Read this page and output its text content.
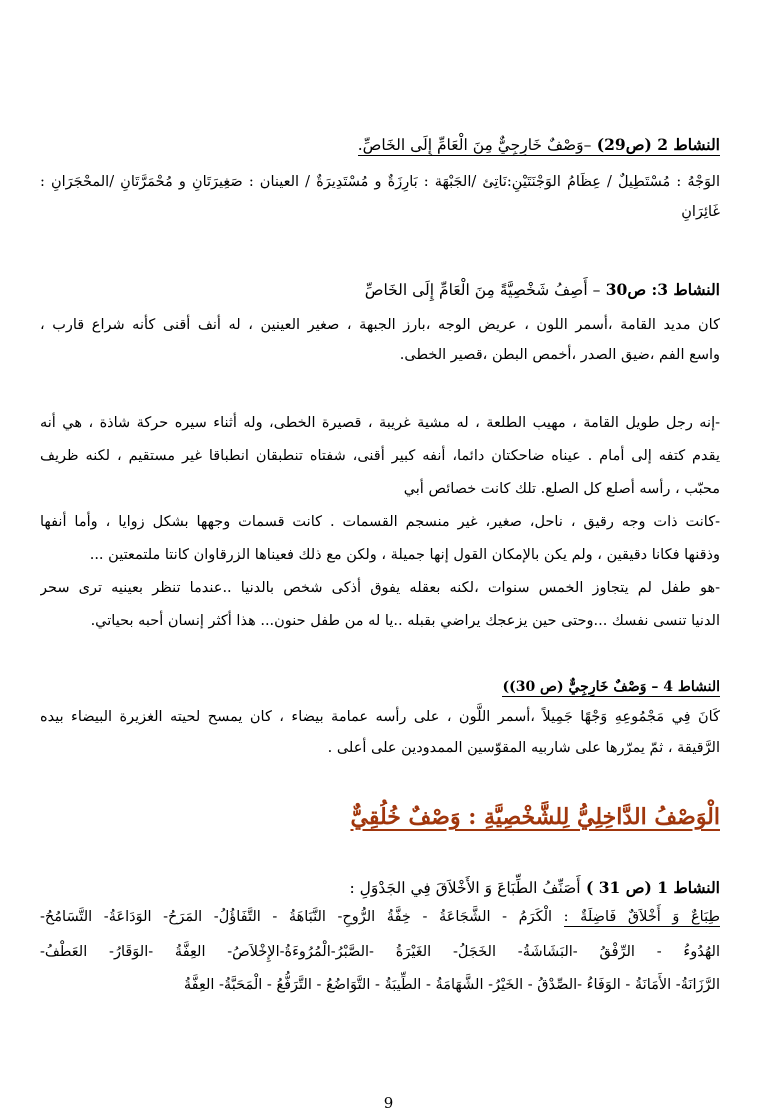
النشاط 2 (ص29) –وَصْفٌ خَارِجِيٌّ مِنَ الْعَامِّ إِلَى الخَاصِّ.
الوَجْهُ : مُسْتَطِيلٌ / عِظَامُ الوَجْنَتَيْنِ:نَاتِئ /الجَبْهَة : بَارِزَةٌ و مُسْتَدِيرَةٌ / العينان : صَغِيرَتَانِ و مُحْمَرَّتَانِ /المحْجَرَانِ :
غَائِرَانِ
النشاط 3: ص30 – أَصِفُ شَخْصِيَّةً مِنَ الْعَامِّ إِلَى الخَاصِّ
كان مديد القامة ،أسمر اللون ، عريض الوجه ،بارز الجبهة ، صغير العينين ، له أنف أقنى كأنه شراع قارب ،
واسع الفم ،ضيق الصدر ،أخمص البطن ،قصير الخطى.
-إنه رجل طويل القامة ، مهيب الطلعة ، له مشية غريبة ، قصيرة الخطى، وله أثناء سيره حركة شاذة ، هي أنه
يقدم كتفه إلى أمام . عيناه ضاحكتان دائما، أنفه كبير أقنى، شفتاه تنطبقان انطباقا غير مستقيم ، لكنه ظريف
محبّب ، رأسه أصلع كل الصلع. تلك كانت خصائص أبي
-كانت ذات وجه رقيق ، ناحل، صغير، غير منسجم القسمات . كانت قسمات وجهها بشكل زوايا ، وأما أنفها
وذقنها فكانا دقيقين ، ولم يكن بالإمكان القول إنها جميلة ، ولكن مع ذلك فعيناها الزرقاوان كانتا ملتمعتين ...
-هو طفل لم يتجاوز الخمس سنوات ،لكنه بعقله يفوق أذكى شخص بالدنيا ..عندما تنظر بعينيه ترى سحر
الدنيا تنسى نفسك ...وحتى حين يزعجك يراضي بقبله ..يا له من طفل حنون... هذا أكثر إنسان أحبه بحياتي.
النشاط 4 – وَصْفٌ خَارِجِيٌّ (ص 30))
كَانَ فِي مَجْمُوعِهِ وَجْهًا جَمِيلاً ،أسمر اللَّون ، على رأسه عمامة بيضاء ، كان يمسح لحيته الغزيرة البيضاء بيده
الرَّقيقة ، ثمّ يمرّرها على شاربيه المقوّسين الممدودين على أعلى .
الْوَصْفُ الدَّاخِلِيُّ لِلشَّخْصِيَّةِ : وَصْفٌ خُلُقِيٌّ
النشاط 1 (ص 31 ) أَصَنِّفُ الطِّبَاعَ وَ الأَخْلاَقَ فِي الجَدْوَلِ :
طِبَاعٌ وَ أَخْلاَقٌ فَاضِلَةٌ : الْكَرَمُ - الشَّجَاعَةُ - خِفَّةُ الرُّوحِ- النَّبَاهَةُ - التَّفَاؤُلُ- المَرَحُ- الوَدَاعَةُ- التَّسَامُحُ-
الهُدُوءُ - الرِّفْقُ -البَشَاشَةُ- الخَجَلُ- الغَيْرَةُ -الصَّبْرُ-الْمُرُوءَةُ-الإِخْلاَصُ- العِفَّةُ -الوَقَارُ- العَطْفُ-
الرَّزَانَةُ- الأَمَانَةُ - الوَفَاءُ -الصِّدْقُ - الخَيْرُ- الشَّهَامَةُ - الطِّيبَةُ - التَّوَاضُعُ - التَّرَفُّعُ - الْمَحَبَّةُ- العِفَّةُ
9
